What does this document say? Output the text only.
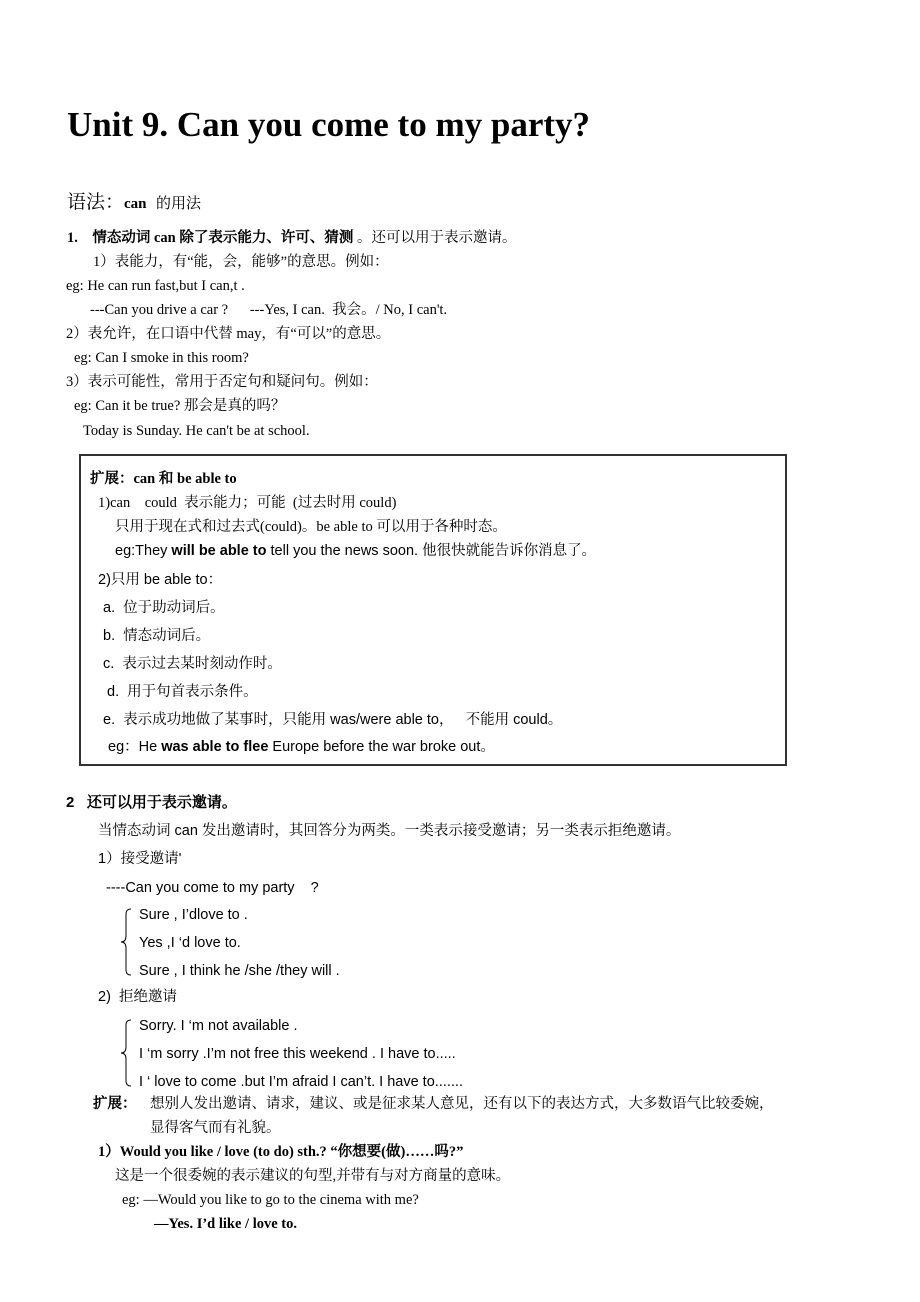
Unit 9. Can you come to my party?
语法：can 的用法
1. 情态动词 can 除了表示能力、许可、猜测 。还可以用于表示邀请。
1）表能力，有“能，会，能够”的意思。例如：
eg: He can run fast,but I can,t .
---Can you drive a car ?      ---Yes, I can.  我会。/ No, I can't.
2）表允许，在口语中代替 may，有“可以”的意思。
eg: Can I smoke in this room?
3）表示可能性，常用于否定句和疑问句。例如：
eg: Can it be true? 那会是真的吗？
Today is Sunday. He can't be at school.
扩展：can 和 be able to
1)can    could  表示能力；可能  (过去时用 could)
只用于现在式和过去式(could)。be able to 可以用于各种时态。
eg:They will be able to tell you the news soon. 他很快就能告诉你消息了。
2)只用 be able to：
a.  位于助动词后。
b.  情态动词后。
c.  表示过去某时刻动作时。
d.  用于句首表示条件。
e.  表示成功地做了某事时，只能用 was/were able to，   不能用 could。
eg：He was able to flee Europe before the war broke out。
2 还可以用于表示邀请。
当情态动词 can 发出邀请时，其回答分为两类。一类表示接受邀请；另一类表示拒绝邀请。
1）接受邀请'
----Can you come to my party    ?
Sure , I’dlove to .
Yes ,I ‘d love to.
Sure , I think he /she /they will .
2)  拒绝邀请
Sorry. I ‘m not available .
I ‘m sorry .I’m not free this weekend . I have to.....
I ‘ love to come .but I’m afraid I can’t. I have to.......
扩展： 想别人发出邀请、请求，建议、或是征求某人意见，还有以下的表达方式，大多数语气比较委婉，
显得客气而有礼貌。
1）Would you like / love (to do) sth.? “你想要(做)……吗?”
这是一个很委婉的表示建议的句型,并带有与对方商量的意味。
eg: —Would you like to go to the cinema with me?
—Yes. I’d like / love to.
